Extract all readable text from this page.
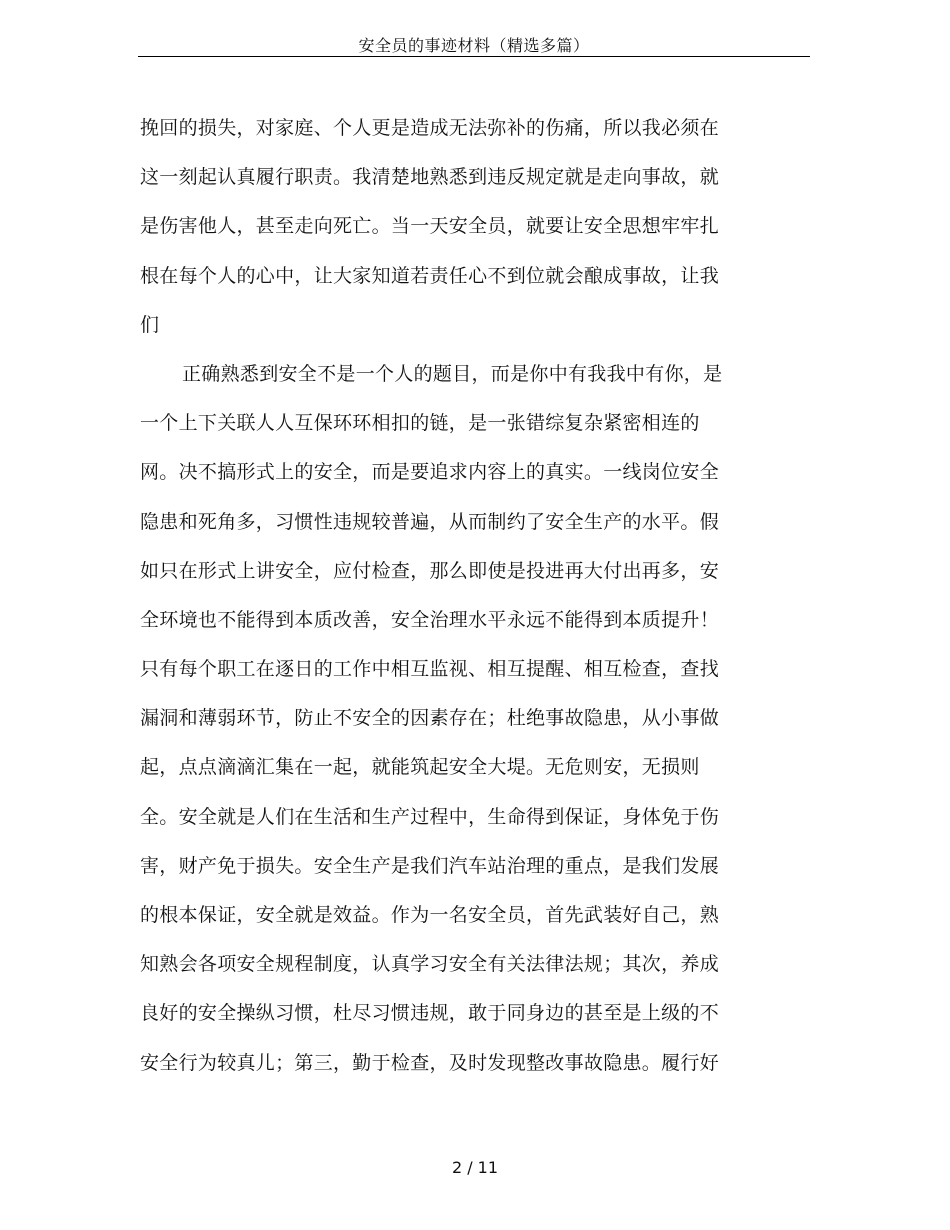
安全员的事迹材料（精选多篇）
挽回的损失，对家庭、个人更是造成无法弥补的伤痛，所以我必须在
这一刻起认真履行职责。我清楚地熟悉到违反规定就是走向事故，就
是伤害他人，甚至走向死亡。当一天安全员，就要让安全思想牢牢扎
根在每个人的心中，让大家知道若责任心不到位就会酿成事故，让我
们
正确熟悉到安全不是一个人的题目，而是你中有我我中有你，是
一个上下关联人人互保环环相扣的链，是一张错综复杂紧密相连的
网。决不搞形式上的安全，而是要追求内容上的真实。一线岗位安全
隐患和死角多，习惯性违规较普遍，从而制约了安全生产的水平。假
如只在形式上讲安全，应付检查，那么即使是投进再大付出再多，安
全环境也不能得到本质改善，安全治理水平永远不能得到本质提升！
只有每个职工在逐日的工作中相互监视、相互提醒、相互检查，查找
漏洞和薄弱环节，防止不安全的因素存在；杜绝事故隐患，从小事做
起，点点滴滴汇集在一起，就能筑起安全大堤。无危则安，无损则
全。安全就是人们在生活和生产过程中，生命得到保证，身体免于伤
害，财产免于损失。安全生产是我们汽车站治理的重点，是我们发展
的根本保证，安全就是效益。作为一名安全员，首先武装好自己，熟
知熟会各项安全规程制度，认真学习安全有关法律法规；其次，养成
良好的安全操纵习惯，杜尽习惯违规，敢于同身边的甚至是上级的不
安全行为较真儿；第三，勤于检查，及时发现整改事故隐患。履行好
2 / 11
